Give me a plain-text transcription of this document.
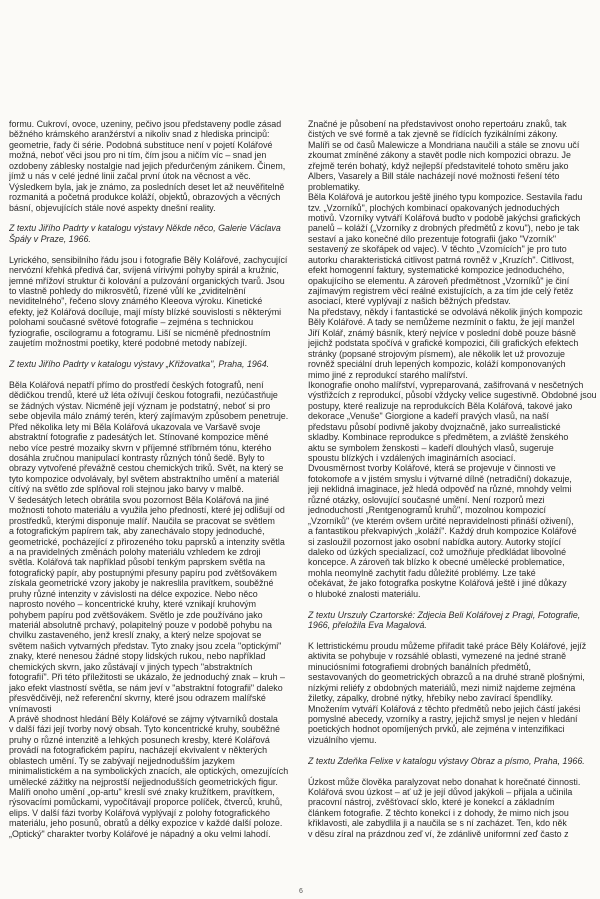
formu. Cukroví, ovoce, uzeniny, pečivo jsou představeny podle zásad
běžného krámského aranžérství a nikoliv snad z hlediska principů:
geometrie, řady či série. Podobná substituce není v pojetí Kolářové
možná, neboť věci jsou pro ni tím, čím jsou a ničím víc – snad jen
ozdobeny záblesky nostalgie nad jejich předurčeným zánikem. Činem,
jímž u nás v celé jedné linii začal první útok na věcnost a věc.
Výsledkem byla, jak je známo, za posledních deset let až neuvěřitelně
rozmanitá a početná produkce koláží, objektů, obrazových a věcných
básní, objevujících stále nové aspekty dnešní reality.
Z textu Jiřího Padrty v katalogu výstavy Někde něco, Galerie Václava
Špály v Praze, 1966.
Lyrického, sensibilního řádu jsou i fotografie Běly Kolářové, zachycující
nervózní křehká předivá čar, svíjená vírivými pohyby spirál a kružnic,
jemné mřížoví struktur či kolování a pulzování organických tvarů. Jsou
to vlastně pohledy do mikrosvětů, řízené vůlí ke „zviditelnění
neviditelného", řečeno slovy známého Kleeova výroku. Kinetické
efekty, jež Kolářová docíluje, mají místy blízké souvislosti s některými
polohami současné světové fotografie – zejména s technickou
fyziografie, oscilogramu a fotogramu. Liší se nicméně přednostním
zaujetím možnostmi poetiky, které podobné metody nabízejí.
Z textu Jiřího Padrty v katalogu výstavy „Křižovatka", Praha, 1964.
Běla Kolářová nepatří přímo do prostředí českých fotografů, není
dědičkou trendů, které už léta ožívují českou fotografii, nezúčastňuje
se žádných výstav. Nicméně její význam je podstatný, neboť si pro
sebe objevila málo známý terén, který zajímavým způsobem penetruje.
Před několika lety mi Běla Kolářová ukazovala ve Varšavě svoje
abstraktní fotografie z padesátých let. Stínované kompozice měné
nebo více pestré mozaiky skvrn v příjemné stříbrném tónu, kterého
dosáhla zručnou manipulací kontrasty různých tónů šedě. Byly to
obrazy vytvořené převážně cestou chemických triků. Svět, na který se
tyto kompozice odvolávaly, byl světem abstraktního umění a materiál
cítívý na světlo zde splňoval roli stejnou jako barvy v malbě.
V šedesátých letech obrátila svou pozornost Běla Kolářová na jiné
možnosti tohoto materiálu a využila jeho předností, které jej odlišují od
prostředků, kterými disponuje malíř. Naučila se pracovat se světlem
a fotografickým papírem tak, aby zanechávalo stopy jednoduché,
geometrické, pocházející z přirozeného toku paprsků a intenzity světla
a na pravidelných změnách polohy materiálu vzhledem ke zdroji
světla. Kolářová tak například působí tenkým paprskem světla na
fotografický papír, aby postupnými přesuny papíru pod zvětšovákem
získala geometrické vzory jakoby je nakreslila pravítkem, souběžné
pruhy různé intenzity v závislosti na délce expozice. Nebo něco
naprosto nového – koncentrické kruhy, které vznikají kruhovým
pohybem papíru pod zvětšovákem. Světlo je zde používáno jako
materiál absolutně prchavý, polapitelný pouze v podobě pohybu na
chvilku zastaveného, jenž kreslí znaky, a který nelze spojovat se
světem našich vytvarných představ. Tyto znaky jsou zcela "optickými"
znaky, které nenesou žádné stopy lidských rukou, nebo například
chemických skvrn, jako zůstávají v jiných typech "abstraktních
fotografií". Při této příležitosti se ukázalo, že jednoduchý znak – kruh –
jako efekt vlastností světla, se nám jeví v "abstraktní fotografii" daleko
přesvědčivěji, než referenční skvrny, které jsou odrazem malířské
vnímavosti
A právě shodnost hledání Běly Kolářové se zájmy výtvarníků dostala
v další fázi její tvorby nový obsah. Tyto koncentrické kruhy, souběžné
pruhy o různé intenzitě a lehkých posunech kresby, které Kolářová
provádí na fotografickém papíru, nacházejí ekvivalent v některých
oblastech umění. Ty se zabývají nejjednodušším jazykem
minimalistickém a na symbolických znacích, ale optických, omezujících
umělecké zážitky na nejprostší nejjednodušších geometrických figur.
Malíři onoho umění „op-artu" kreslí své znaky kružítkem, pravítkem,
rýsovacími pomůckami, vypočítávají proporce políček, čtverců, kruhů,
elips. V další fázi tvorby Kolářová vyplývají z polohy fotografického
materiálu, jeho posunů, obratů a délky expozice v každé další poloze.
„Optický" charakter tvorby Kolářové je nápadný a oku velmi lahodí.
Značné je působení na představivost onoho repertoáru znaků, tak
čistých ve své formě a tak zjevně se řídících fyzikálními zákony.
Malíři se od časů Malewicze a Mondriana naučili a stále se znovu učí
zkoumat zmíněné zákony a stavět podle nich kompozici obrazu. Je
zřejmě terén bohatý, když nejlepší představitelé tohoto směru jako
Albers, Vasarely a Bill stále nacházejí nové možnosti řešení této
problematiky.
Běla Kolářová je autorkou ještě jiného typu kompozice. Sestavila řadu
tzv. „Vzorníků", plochých kombinací opakovaných jednoduchých
motivů. Vzorníky vytváří Kolářová buďto v podobě jakýchsi grafických
panelů – koláží („Vzorníky z drobných předmětů z kovu"), nebo je tak
sestaví a jako konečné dílo prezentuje fotografii (jako "Vzorník"
sestavený ze skořápek od vajec). V těchto „Vzornících" je pro tuto
autorku charakteristická citlivost patrná rovněž v „Kruzích". Citlivost,
efekt homogenní faktury, systematické kompozice jednoduchého,
opakujícího se elementu. A zároveň předmětnost „Vzorníků" je činí
zajímavým registrem věcí reálné existujících, a za tím jde celý řetěz
asociací, které vyplývají z našich běžných představ.
Na představy, někdy i fantastické se odvolává několik jiných kompozic
Běly Kolářové. A tady se nemůžeme nezmínit o faktu, že její manžel
Jiří Kolář, známý básník, který nejvíce v poslední době pouze básně
jejichž podstata spočívá v grafické kompozici, čili grafických efektech
stránky (popsané strojovým písmem), ale několik let už provozuje
rovněž speciální druh lepených kompozic, koláží komponovaných
mimo jiné z reprodukcí starého malířství.
Ikonografie onoho malířství, vypreparovaná, zašifrovaná v nesčetných
výstřižcích z reprodukcí, působí vždycky velice sugestivně. Obdobné jsou
postupy, které realizuje na reprodukcích Běla Kolářová, takové jako
dekorace „Venuše" Giorgione a kadeří pravých vlasů, na naší
představu působí podivně jakoby dvojznačně, jako surrealistické
skladby. Kombinace reprodukce s předmětem, a zvláště ženského
aktu se symbolem ženskosti – kadeří dlouhých vlasů, sugeruje
spoustu blízkých i vzdálených imaginárních asociací.
Dvousměrnost tvorby Kolářové, která se projevuje v činnosti ve
fotokomofe a v jistém smyslu i výtvarné dílně (netradiční) dokazuje,
jeji neklidná imaginace, jež hledá odpověď na různé, mnohdy velmi
různé otázky, oslovující současné umění. Není rozporů mezi
jednoduchostí „Rentgenogramů kruhů", mozolnou kompozicí
„Vzorníků" (ve kterém ovšem určité nepravidelnosti přináší oživení),
a fantastikou překvapivých „koláží". Každý druh kompozice Kolářové
si zasloužil pozornost jako osobní nabídka autory. Autorky stojící
daleko od úzkých specializací, což umožňuje předkládat libovolné
koncepce. A zároveň tak blízko k obecné umělecké problematice,
mohla neomylně zachytit řadu důležité problémy. Lze také
očekávat, že jako fotografka poskytne Kolářová ještě i jiné důkazy
o hluboké znalosti materiálu.
Z textu Urszuly Czartorské: Zdjecia Beli Kolářovej z Pragi, Fotografie,
1966, přeložila Eva Magalová.
K lettristickému proudu můžeme přiřadit také práce Běly Kolářové, jejíž
aktivita se pohybuje v rozsáhlé oblasti, vymezené na jedné straně
minuciósními fotografiemi drobných banálních předmětů,
sestavovaných do geometrických obrazců a na druhé straně plošnými,
nízkými reliéfy z obdobných materiálů, mezi nimiž najdeme zejména
žiletky, zápalky, drobné nýtky, hřebíky nebo zavírací špendlíky.
Množením vytváří Kolářová z těchto předmětů nebo jejich částí jakési
pomyslné abecedy, vzorníky a rastry, jejichž smysl je nejen v hledání
poetických hodnot opomíjených prvků, ale zejména v intenzifikaci
vizuálního vjemu.
Z textu Zdeňka Felixe v katalogu výstavy Obraz a písmo, Praha, 1966.
Úzkost může člověka paralyzovat nebo donahat k horečnaté činnosti.
Kolářová svou úzkost – ať už je její důvod jakýkoli – přijala a učinila
pracovní nástroj, zvěšťovací sklo, které je konekcí a základním
článkem fotografie. Z těchto konekcí i z dohody, že mimo nich jsou
křiklavosti, ale zabydlila ji a naučila se s ní zacházet. Ten, kdo něk
v děsu zíral na prázdnou zeď ví, že zdánlivě uniformní zeď často z
6
